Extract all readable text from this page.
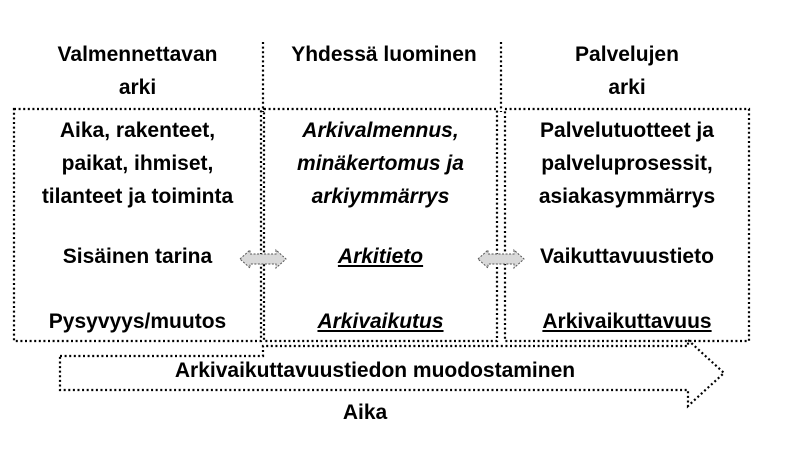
Valmennettavan
arki
Aika, rakenteet,
paikat, ihmiset,
tilanteet ja toiminta
Sisäinen tarina
Pysyvyys/muutos
Yhdessä luominen
Arkivalmennus,
minäkertomus ja
arkiymmärrys
Arkitieto
Arkivaikutus
Palvelujen
arki
Palvelutuotteet ja
palveluprosessit,
asiakasymmärrys
Vaikuttavuustieto
Arkivaikuttavuus
Arkivaikuttavuustiedon muodostaminen
Aika
